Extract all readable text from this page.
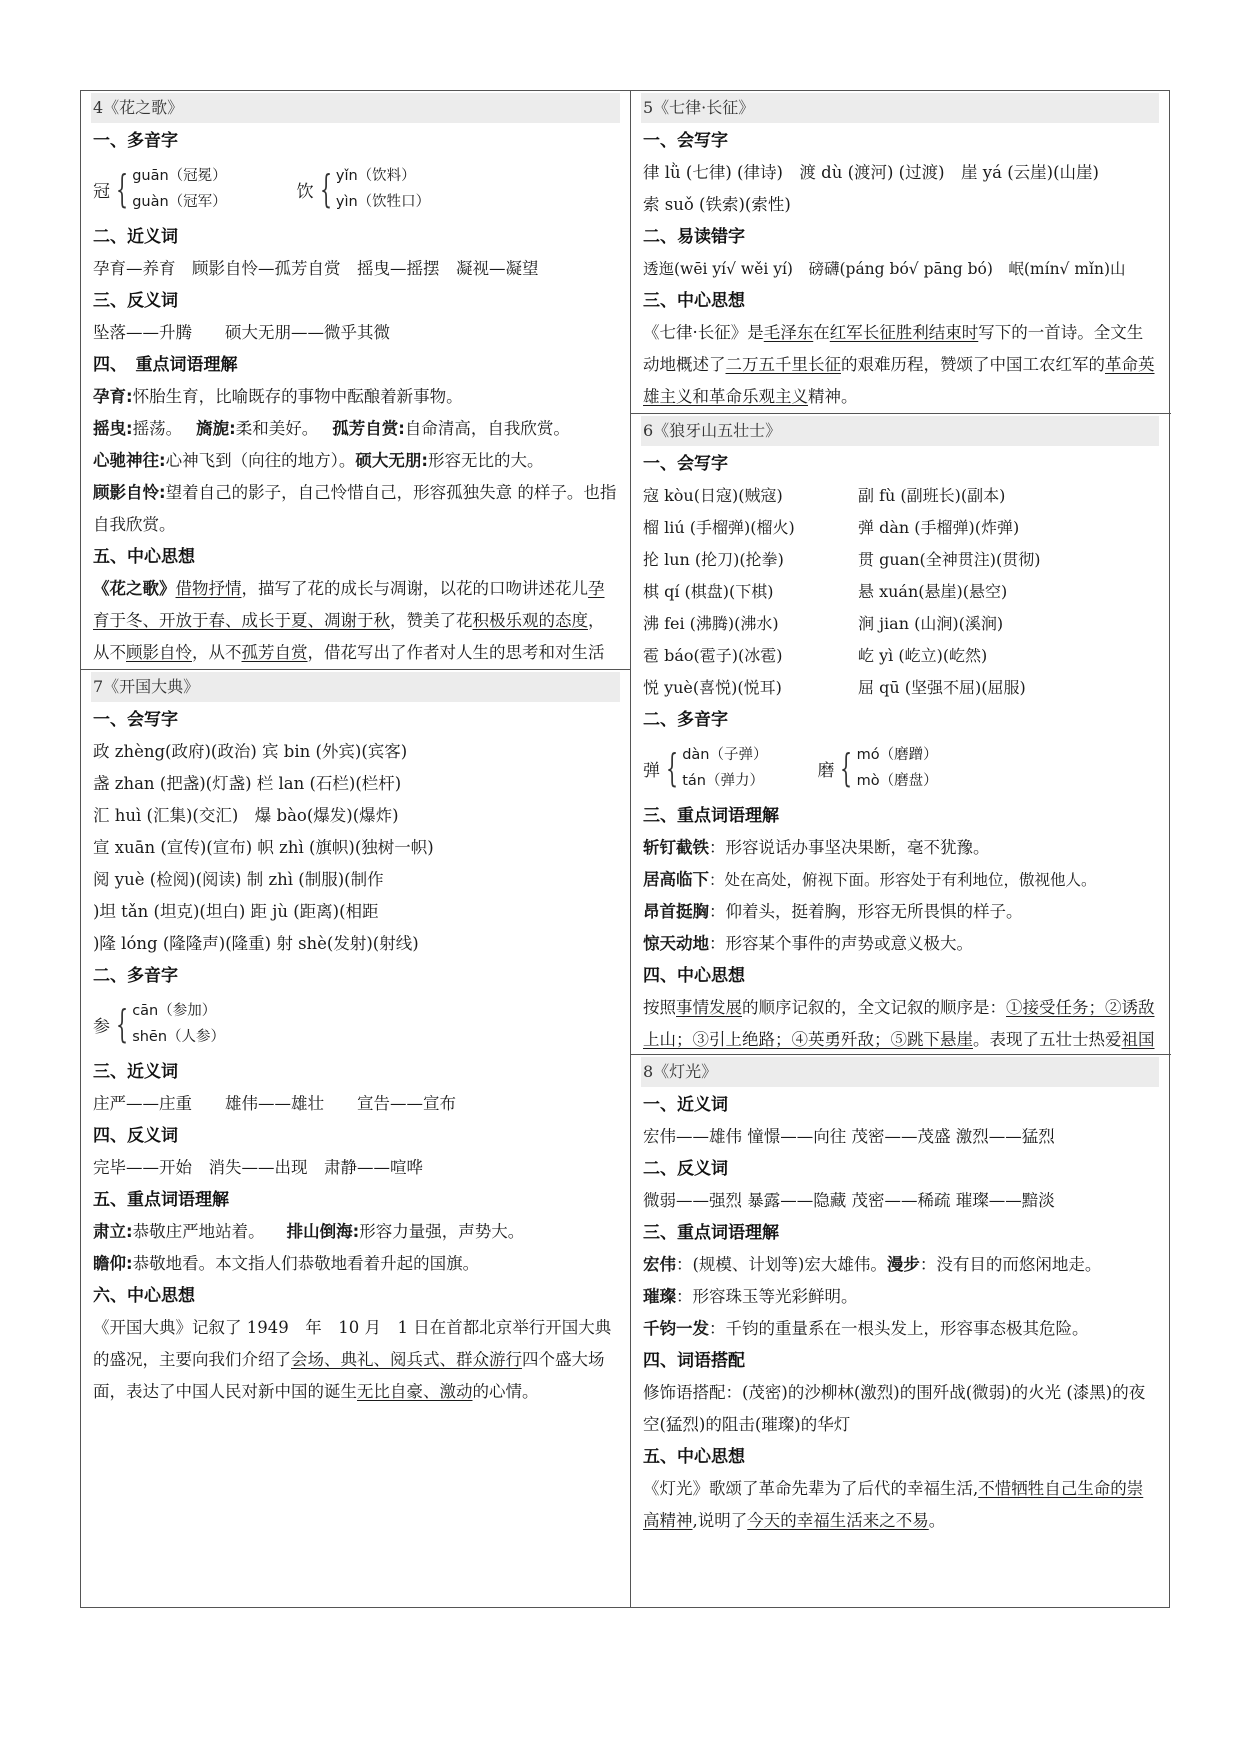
4《花之歌》
一、多音字
冠 { guān（冠冕）
guàn（冠军）
饮 { yǐn（饮料）
yìn（饮牲口）
二、近义词
孕育—养育　顾影自怜—孤芳自赏　摇曳—摇摆　凝视—凝望
三、反义词
坠落——升腾　　硕大无朋——微乎其微
四、　重点词语理解
孕育:怀胎生育，比喻既存的事物中酝酿着新事物。
摇曳:摇荡。 旖旎:柔和美好。 孤芳自赏:自命清高，自我欣赏。
心驰神往:心神飞到（向往的地方）。硕大无朋:形容无比的大。
顾影自怜:望着自己的影子，自己怜惜自己，形容孤独失意 的样子。也指自我欣赏。
五、中心思想
《花之歌》借物抒情，描写了花的成长与凋谢，以花的口吻讲述花儿孕育于冬、开放于春、成长于夏、凋谢于秋，赞美了花积极乐观的态度，从不顾影自怜，从不孤芳自赏，借花写出了作者对人生的思考和对生活
7《开国大典》
一、会写字
政 zhèng(政府)(政治) 宾 bin (外宾)(宾客)
盏 zhan (把盏)(灯盏) 栏 lan (石栏)(栏杆)
汇 huì (汇集)(交汇)　爆 bào(爆发)(爆炸)
宣 xuān (宣传)(宣布) 帜 zhì (旗帜)(独树一帜)
阅 yuè (检阅)(阅读) 制 zhì (制服)(制作
)坦 tǎn (坦克)(坦白) 距 jù (距离)(相距
)隆 lóng (隆隆声)(隆重) 射 shè(发射)(射线)
二、多音字
参 { cān（参加）
shēn（人参）
三、近义词
庄严——庄重　　雄伟——雄壮　　宣告——宣布
四、反义词
完毕——开始　消失——出现　肃静——喧哗
五、重点词语理解
肃立:恭敬庄严地站着。 排山倒海:形容力量强，声势大。
瞻仰:恭敬地看。本文指人们恭敬地看着升起的国旗。
六、中心思想
《开国大典》记叙了 1949　年　10 月　1 日在首都北京举行开国大典的盛况，主要向我们介绍了会场、典礼、阅兵式、群众游行四个盛大场面，表达了中国人民对新中国的诞生无比自豪、激动的心情。
5《七律·长征》
一、会写字
律 lǜ (七律) (律诗)　渡 dù (渡河) (过渡)　崖 yá (云崖)(山崖)
索 suǒ (铁索)(索性)
二、易读错字
透迤(wēi yí√ wěi yí)　磅礴(páng bó√ pāng bó)　岷(mín√ mǐn)山
三、中心思想
《七律·长征》是毛泽东在红军长征胜利结束时写下的一首诗。全文生动地概述了二万五千里长征的艰难历程，赞颂了中国工农红军的革命英雄主义和革命乐观主义精神。
6《狼牙山五壮士》
一、会写字
寇 kòu(日寇)(贼寇)	副 fù (副班长)(副本)
榴 liú (手榴弹)(榴火)	弹 dàn (手榴弹)(炸弹)
抡 lun (抡刀)(抡拳)	贯 guan(全神贯注)(贯彻)
棋 qí (棋盘)(下棋)	悬 xuán(悬崖)(悬空)
沸 fei (沸腾)(沸水)	涧 jian (山涧)(溪涧)
雹 báo(雹子)(冰雹)	屹 yì (屹立)(屹然)
悦 yuè(喜悦)(悦耳)	屈 qū (坚强不屈)(屈服)
二、多音字
弹 { dàn（子弹）
tán（弹力）
磨 { mó（磨蹭）
mò（磨盘）
三、重点词语理解
斩钉截铁：形容说话办事坚决果断，毫不犹豫。
居高临下：处在高处，俯视下面。形容处于有利地位，傲视他人。
昂首挺胸：仰着头，挺着胸，形容无所畏惧的样子。
惊天动地：形容某个事件的声势或意义极大。
四、中心思想
按照事情发展的顺序记叙的，全文记叙的顺序是：①接受任务；②诱敌上山；③引上绝路；④英勇歼敌；⑤跳下悬崖。表现了五壮士热爱祖国
8《灯光》
一、近义词
宏伟——雄伟 憧憬——向往 茂密——茂盛 激烈——猛烈
二、反义词
微弱——强烈 暴露——隐藏 茂密——稀疏 璀璨——黯淡
三、重点词语理解
宏伟：(规模、计划等)宏大雄伟。漫步：没有目的而悠闲地走。
璀璨：形容珠玉等光彩鲜明。
千钧一发：千钧的重量系在一根头发上，形容事态极其危险。
四、词语搭配
修饰语搭配：(茂密)的沙柳林(激烈)的围歼战(微弱)的火光 (漆黑)的夜空(猛烈)的阻击(璀璨)的华灯
五、中心思想
《灯光》歌颂了革命先辈为了后代的幸福生活,不惜牺牲自己生命的崇高精神,说明了今天的幸福生活来之不易。
